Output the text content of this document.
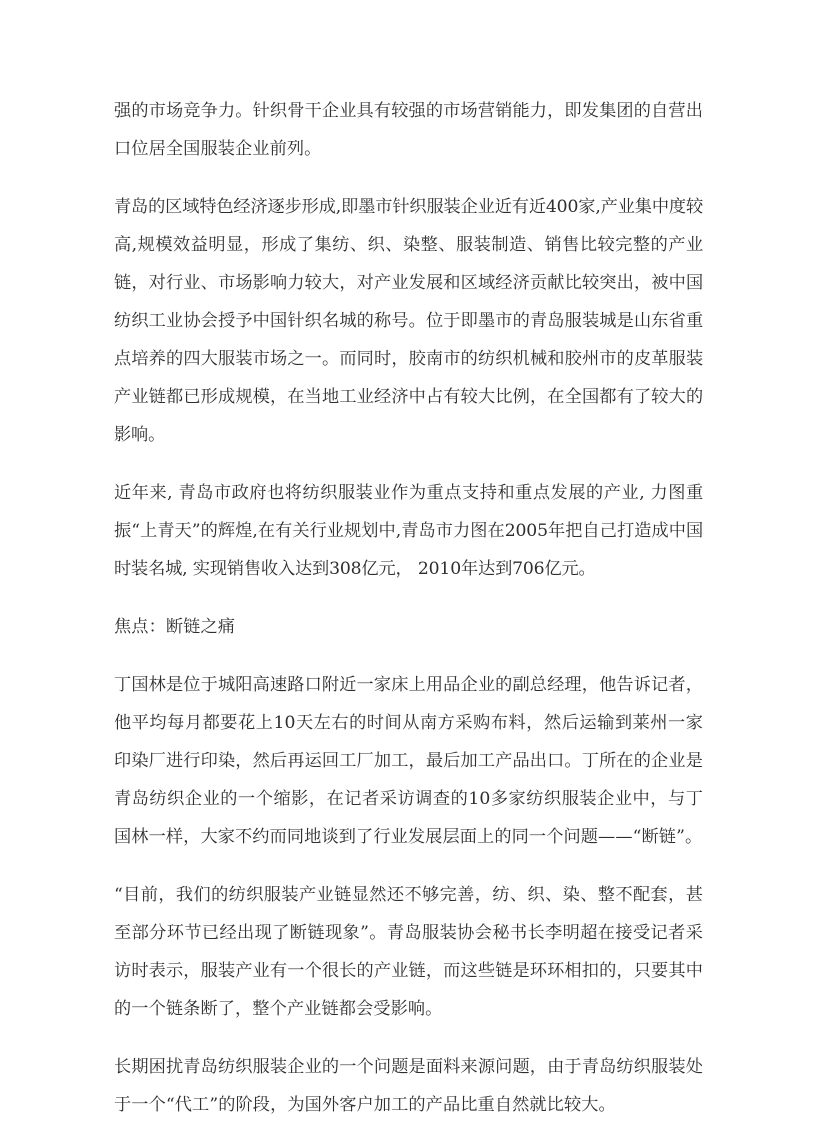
强的市场竞争力。针织骨干企业具有较强的市场营销能力，即发集团的自营出口位居全国服装企业前列。

青岛的区域特色经济逐步形成,即墨市针织服装企业近有近400家,产业集中度较高,规模效益明显，形成了集纺、织、染整、服装制造、销售比较完整的产业链，对行业、市场影响力较大，对产业发展和区域经济贡献比较突出，被中国纺织工业协会授予中国针织名城的称号。位于即墨市的青岛服装城是山东省重点培养的四大服装市场之一。而同时，胶南市的纺织机械和胶州市的皮革服装产业链都已形成规模，在当地工业经济中占有较大比例，在全国都有了较大的影响。

近年来, 青岛市政府也将纺织服装业作为重点支持和重点发展的产业, 力图重振“上青天”的辉煌,在有关行业规划中,青岛市力图在2005年把自己打造成中国时装名城, 实现销售收入达到308亿元， 2010年达到706亿元。

焦点：断链之痛

丁国林是位于城阳高速路口附近一家床上用品企业的副总经理，他告诉记者，他平均每月都要花上10天左右的时间从南方采购布料，然后运输到莱州一家印染厂进行印染，然后再运回工厂加工，最后加工产品出口。丁所在的企业是青岛纺织企业的一个缩影，在记者采访调查的10多家纺织服装企业中，与丁国林一样，大家不约而同地谈到了行业发展层面上的同一个问题——“断链”。

“目前，我们的纺织服装产业链显然还不够完善，纺、织、染、整不配套，甚至部分环节已经出现了断链现象”。青岛服装协会秘书长李明超在接受记者采访时表示，服装产业有一个很长的产业链，而这些链是环环相扣的，只要其中的一个链条断了，整个产业链都会受影响。

长期困扰青岛纺织服装企业的一个问题是面料来源问题，由于青岛纺织服装处于一个“代工”的阶段，为国外客户加工的产品比重自然就比较大。
